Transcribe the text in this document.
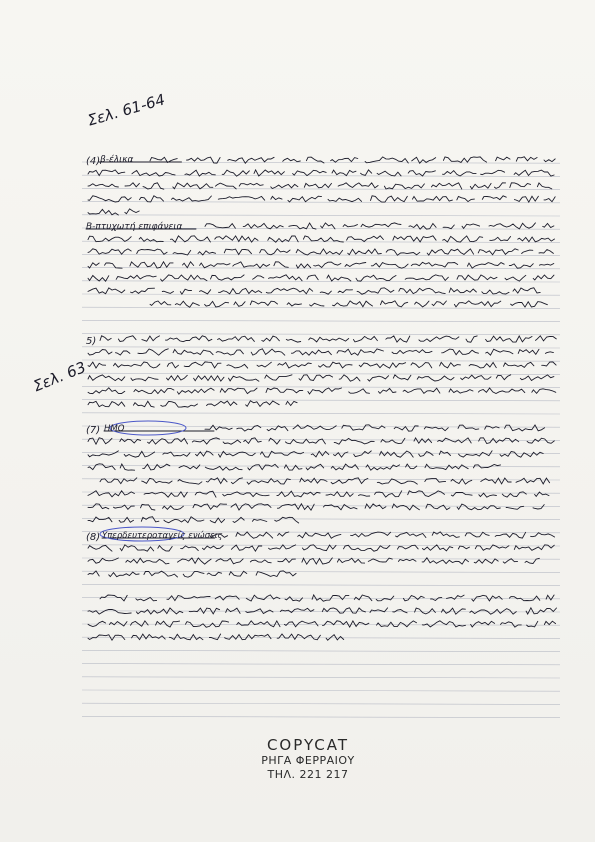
Σελ. 61-64
Σελ. 63
(4)
5)
(7)
(8)
β-έλικα
Β-πτυχωτή επιφάνεια
ΗΜΟ
Υπερδευτεροταγείς ενώσεις
COPYCAT
ΡΗΓΑ ΦΕΡΡΑΙΟΥ
ΤΗΛ. 221 217
